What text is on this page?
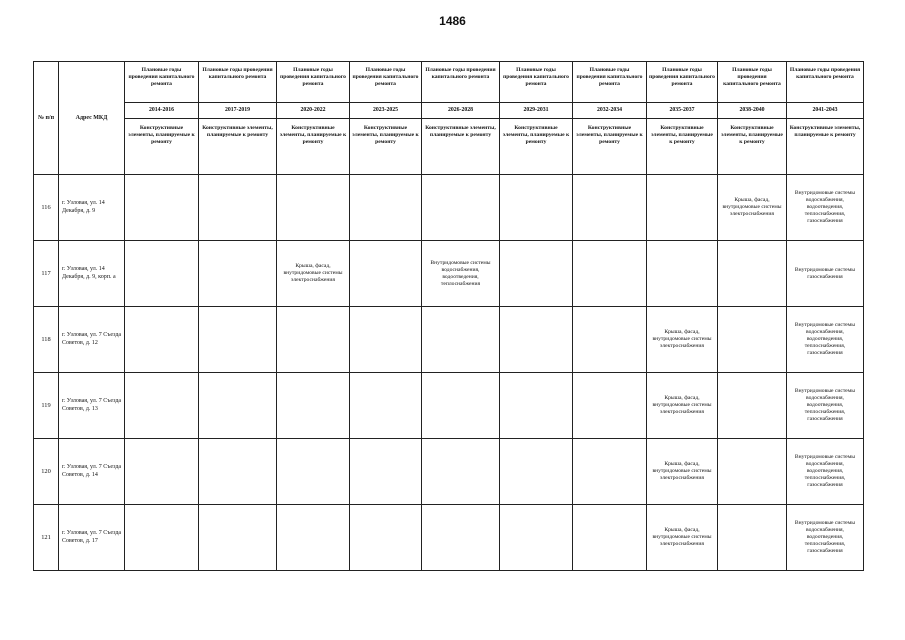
1486
№ п/п	Адрес МКД	Плановые годы проведения капитального ремонта	Плановые годы проведения капитального ремонта	Плановые годы проведения капитального ремонта	Плановые годы проведения капитального ремонта	Плановые годы проведения капитального ремонта	Плановые годы проведения капитального ремонта	Плановые годы проведения капитального ремонта	Плановые годы проведения капитального ремонта	Плановые годы проведения капитального ремонта	Плановые годы проведения капитального ремонта
		2014-2016	2017-2019	2020-2022	2023-2025	2026-2028	2029-2031	2032-2034	2035-2037	2038-2040	2041-2043
		Конструктивные элементы, планируемые к ремонту	Конструктивные элементы, планируемые к ремонту	Конструктивные элементы, планируемые к ремонту	Конструктивные элементы, планируемые к ремонту	Конструктивные элементы, планируемые к ремонту	Конструктивные элементы, планируемые к ремонту	Конструктивные элементы, планируемые к ремонту	Конструктивные элементы, планируемые к ремонту	Конструктивные элементы, планируемые к ремонту	Конструктивные элементы, планируемые к ремонту
116	г. Узловая, ул. 14 Декабря, д. 9									Крыша, фасад, внутридомовые системы электроснабжения	Внутридомовые системы водоснабжения, водоотведения, теплоснабжения, газоснабжения
117	г. Узловая, ул. 14 Декабря, д. 9, корп. а			Крыша, фасад, внутридомовые системы электроснабжения		Внутридомовые системы водоснабжения, водоотведения, теплоснабжения					Внутридомовые системы газоснабжения
118	г. Узловая, ул. 7 Съезда Советов, д. 12								Крыша, фасад, внутридомовые системы электроснабжения		Внутридомовые системы водоснабжения, водоотведения, теплоснабжения, газоснабжения
119	г. Узловая, ул. 7 Съезда Советов, д. 13								Крыша, фасад, внутридомовые системы электроснабжения		Внутридомовые системы водоснабжения, водоотведения, теплоснабжения, газоснабжения
120	г. Узловая, ул. 7 Съезда Советов, д. 14								Крыша, фасад, внутридомовые системы электроснабжения		Внутридомовые системы водоснабжения, водоотведения, теплоснабжения, газоснабжения
121	г. Узловая, ул. 7 Съезда Советов, д. 17								Крыша, фасад, внутридомовые системы электроснабжения		Внутридомовые системы водоснабжения, водоотведения, теплоснабжения, газоснабжения
